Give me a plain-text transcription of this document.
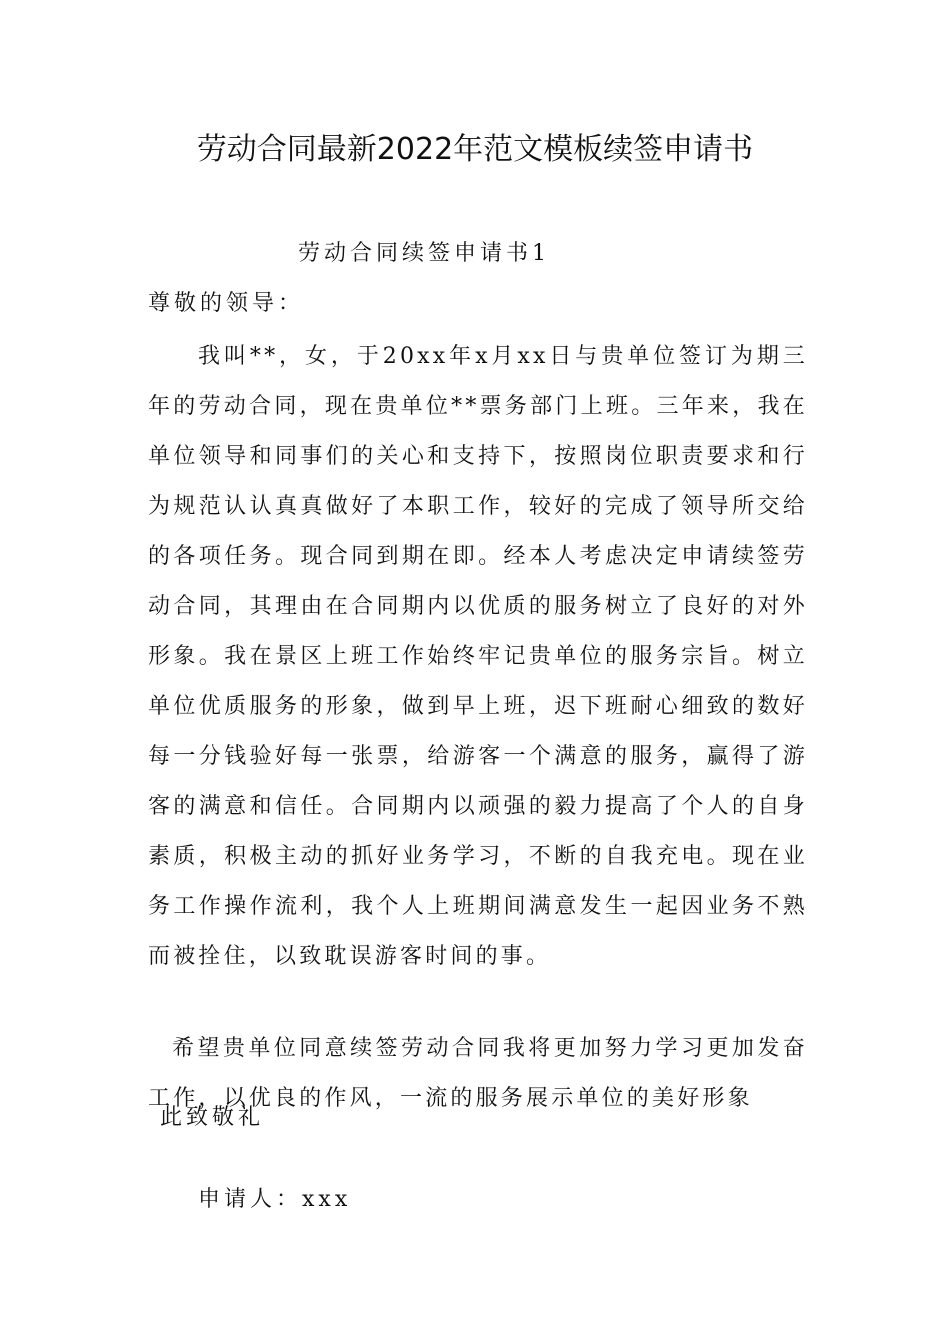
劳动合同最新2022年范文模板续签申请书
劳动合同续签申请书1
尊敬的领导：
我叫**，女，于20xx年x月xx日与贵单位签订为期三年的劳动合同，现在贵单位**票务部门上班。三年来，我在单位领导和同事们的关心和支持下，按照岗位职责要求和行为规范认认真真做好了本职工作，较好的完成了领导所交给的各项任务。现合同到期在即。经本人考虑决定申请续签劳动合同，其理由在合同期内以优质的服务树立了良好的对外形象。我在景区上班工作始终牢记贵单位的服务宗旨。树立单位优质服务的形象，做到早上班，迟下班耐心细致的数好每一分钱验好每一张票，给游客一个满意的服务，赢得了游客的满意和信任。合同期内以顽强的毅力提高了个人的自身素质，积极主动的抓好业务学习，不断的自我充电。现在业务工作操作流利，我个人上班期间满意发生一起因业务不熟而被拴住，以致耽误游客时间的事。
希望贵单位同意续签劳动合同我将更加努力学习更加发奋工作，以优良的作风，一流的服务展示单位的美好形象
此致敬礼
申请人：xxx
